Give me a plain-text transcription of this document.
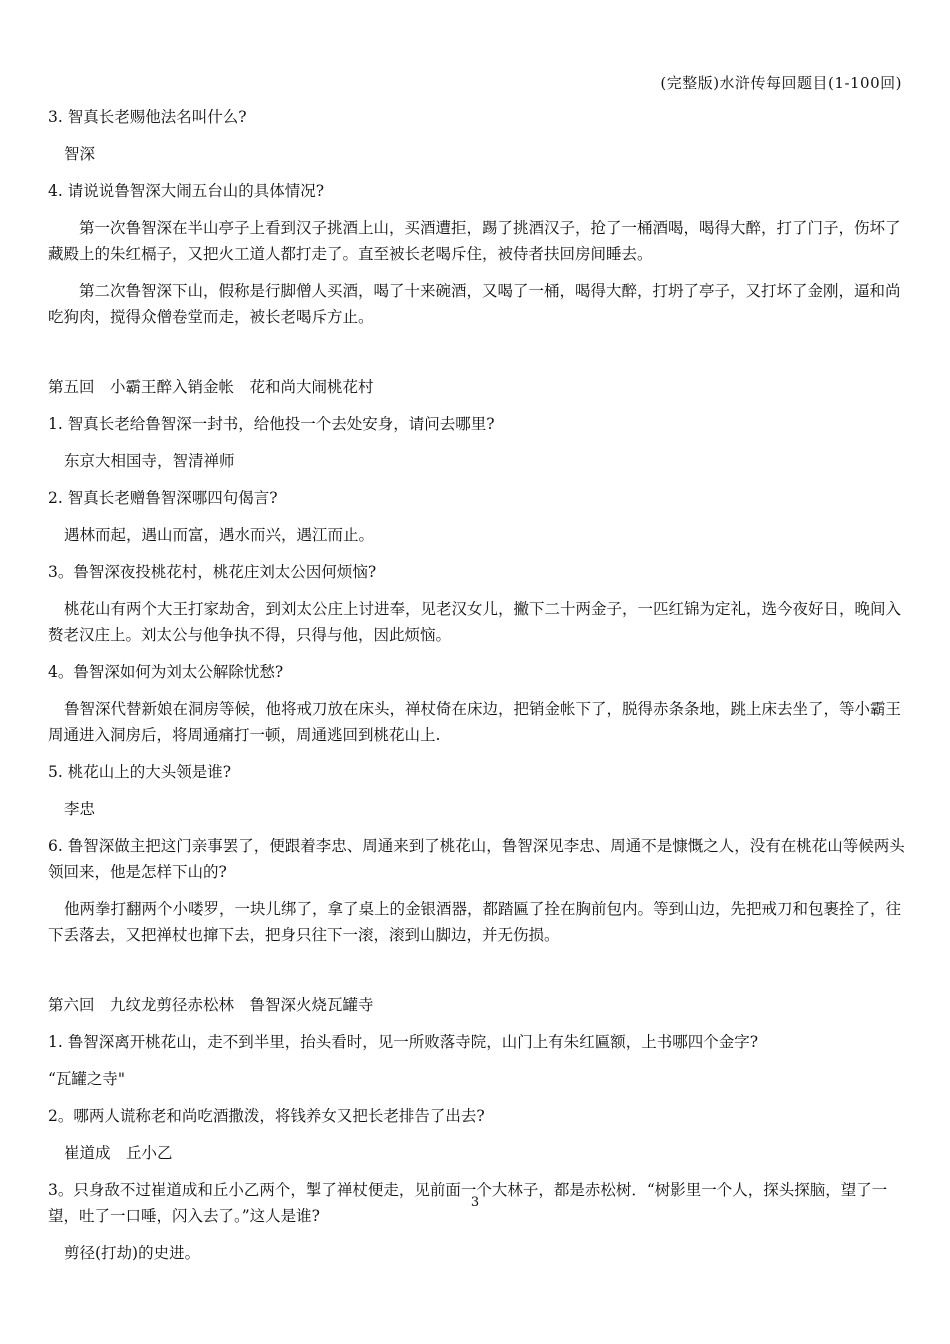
(完整版)水浒传每回题目(1-100回)

3. 智真长老赐他法名叫什么?

智深

4. 请说说鲁智深大闹五台山的具体情况?

第一次鲁智深在半山亭子上看到汉子挑酒上山，买酒遭拒，踢了挑酒汉子，抢了一桶酒喝，喝得大醉，打了门子，伤坏了藏殿上的朱红槅子，又把火工道人都打走了。直至被长老喝斥住，被侍者扶回房间睡去。

第二次鲁智深下山，假称是行脚僧人买酒，喝了十来碗酒，又喝了一桶，喝得大醉，打坍了亭子，又打坏了金刚，逼和尚吃狗肉，搅得众僧卷堂而走，被长老喝斥方止。

第五回　小霸王醉入销金帐　花和尚大闹桃花村

1. 智真长老给鲁智深一封书，给他投一个去处安身，请问去哪里?

东京大相国寺，智清禅师

2. 智真长老赠鲁智深哪四句偈言?

遇林而起，遇山而富，遇水而兴，遇江而止。

3。鲁智深夜投桃花村，桃花庄刘太公因何烦恼?

桃花山有两个大王打家劫舍，到刘太公庄上讨进奉，见老汉女儿，撇下二十两金子，一匹红锦为定礼，选今夜好日，晚间入赘老汉庄上。刘太公与他争执不得，只得与他，因此烦恼。

4。鲁智深如何为刘太公解除忧愁?

鲁智深代替新娘在洞房等候，他将戒刀放在床头，禅杖倚在床边，把销金帐下了，脱得赤条条地，跳上床去坐了，等小霸王周通进入洞房后，将周通痛打一顿，周通逃回到桃花山上.

5. 桃花山上的大头领是谁?

李忠

6. 鲁智深做主把这门亲事罢了，便跟着李忠、周通来到了桃花山，鲁智深见李忠、周通不是慷慨之人，没有在桃花山等候两头领回来，他是怎样下山的?

他两拳打翻两个小喽罗，一块儿绑了，拿了桌上的金银酒器，都踏匾了拴在胸前包内。等到山边，先把戒刀和包裹拴了，往下丢落去，又把禅杖也撺下去，把身只往下一滚，滚到山脚边，并无伤损。

第六回　九纹龙剪径赤松林　鲁智深火烧瓦罐寺

1. 鲁智深离开桃花山，走不到半里，抬头看时，见一所败落寺院，山门上有朱红匾额，上书哪四个金字?

“瓦罐之寺"

2。哪两人谎称老和尚吃酒撒泼，将钱养女又把长老排告了出去?

崔道成　丘小乙

3。只身敌不过崔道成和丘小乙两个，掣了禅杖便走，见前面一个大林子，都是赤松树．“树影里一个人，探头探脑，望了一望，吐了一口唾，闪入去了。”这人是谁?

剪径(打劫)的史进。

3
